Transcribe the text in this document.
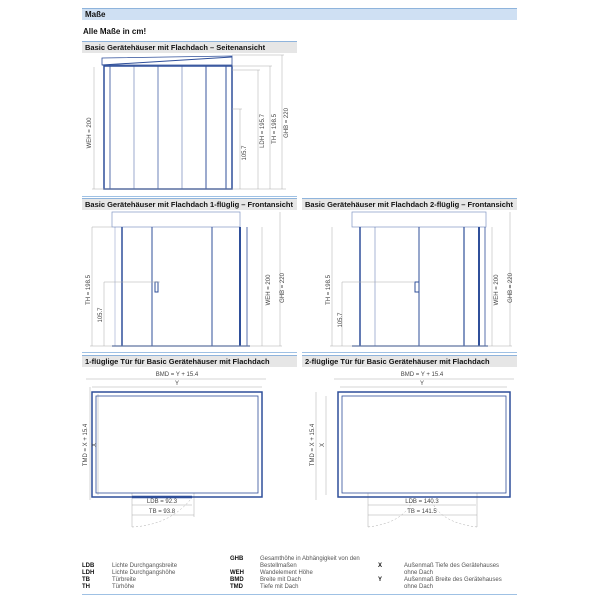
Maße
Alle Maße in cm!
Basic Gerätehäuser mit Flachdach – Seitenansicht
WEH = 200
105.7
LDH = 195.7 TH = 198.5 GHB = 220
Basic Gerätehäuser mit Flachdach 1-flüglig – Frontansicht
TH = 198.5
105.7
WEH = 200 GHB = 220
Basic Gerätehäuser mit Flachdach 2-flüglig – Frontansicht
TH = 198.5
105.7
WEH = 200 GHB = 220
1-flüglige Tür für Basic Gerätehäuser mit Flachdach
BMD = Y + 15.4
Y
TMD = X + 15.4 X
LDB = 92.3
TB = 93.8
2-flüglige Tür für Basic Gerätehäuser mit Flachdach
BMD = Y + 15.4
Y
TMD = X + 15.4 X
LDB = 140.3
TB = 141.5
LDB	Lichte Durchgangsbreite
LDH	Lichte Durchgangshöhe
TB	Türbreite
TH	Türhöhe
GHB	Gesamthöhe in Abhängigkeit von den
Bestellmaßen
WEH	Wandelement Höhe
BMD	Breite mit Dach
TMD	Tiefe mit Dach
X	Außenmaß Tiefe des Gerätehauses
ohne Dach
Y	Außenmaß Breite des Gerätehauses
ohne Dach
